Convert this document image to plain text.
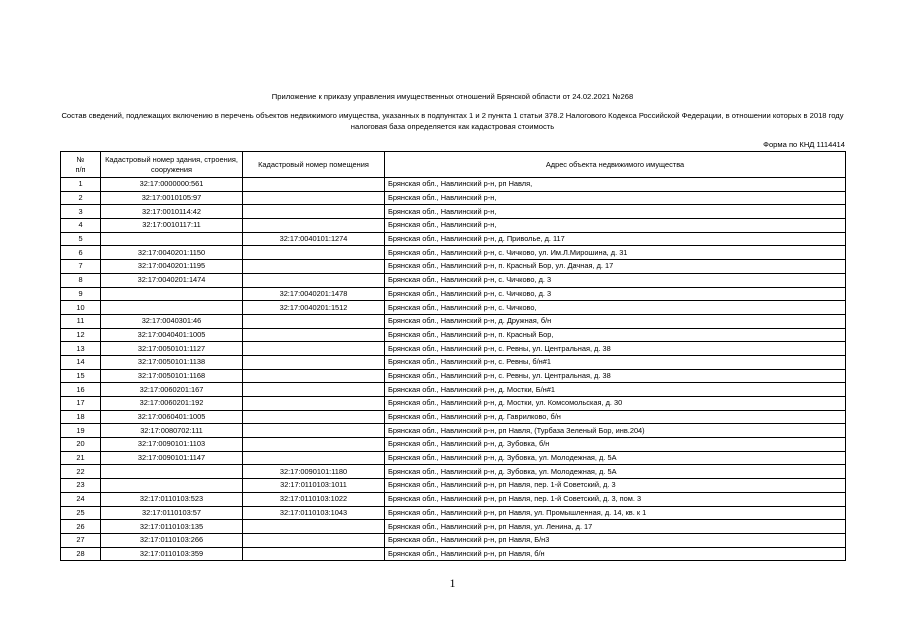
Приложение к приказу управления имущественных отношений Брянской области от 24.02.2021 №268
Состав сведений, подлежащих включению в перечень объектов недвижимого имущества, указанных в подпунктах 1 и 2 пункта 1 статьи 378.2 Налогового Кодекса Российской Федерации, в отношении которых в 2018 году налоговая база определяется как кадастровая стоимость
Форма по КНД 1114414
№
п/п	Кадастровый номер здания, строения, сооружения	Кадастровый номер помещения	Адрес объекта недвижимого имущества
1	32:17:0000000:561		Брянская обл., Навлинский р-н, рп Навля,
2	32:17:0010105:97		Брянская обл., Навлинский р-н,
3	32:17:0010114:42		Брянская обл., Навлинский р-н,
4	32:17:0010117:11		Брянская обл., Навлинский р-н,
5		32:17:0040101:1274	Брянская обл., Навлинский р-н, д. Приволье, д. 117
6	32:17:0040201:1150		Брянская обл., Навлинский р-н, с. Чичково, ул. Им.Л.Мирошина, д. 31
7	32:17:0040201:1195		Брянская обл., Навлинский р-н, п. Красный Бор, ул. Дачная, д. 17
8	32:17:0040201:1474		Брянская обл., Навлинский р-н, с. Чичково, д. 3
9		32:17:0040201:1478	Брянская обл., Навлинский р-н, с. Чичково, д. 3
10		32:17:0040201:1512	Брянская обл., Навлинский р-н, с. Чичково,
11	32:17:0040301:46		Брянская обл., Навлинский р-н, д. Дружная, б/н
12	32:17:0040401:1005		Брянская обл., Навлинский р-н, п. Красный Бор,
13	32:17:0050101:1127		Брянская обл., Навлинский р-н, с. Ревны, ул. Центральная, д. 38
14	32:17:0050101:1138		Брянская обл., Навлинский р-н, с. Ревны, б/н#1
15	32:17:0050101:1168		Брянская обл., Навлинский р-н, с. Ревны, ул. Центральная, д. 38
16	32:17:0060201:167		Брянская обл., Навлинский р-н, д. Мостки, Б/н#1
17	32:17:0060201:192		Брянская обл., Навлинский р-н, д. Мостки, ул. Комсомольская, д. 30
18	32:17:0060401:1005		Брянская обл., Навлинский р-н, д. Гаврилково, б/н
19	32:17:0080702:111		Брянская обл., Навлинский р-н, рп Навля, (Турбаза Зеленый Бор, инв.204)
20	32:17:0090101:1103		Брянская обл., Навлинский р-н, д. Зубовка, б/н
21	32:17:0090101:1147		Брянская обл., Навлинский р-н, д. Зубовка, ул. Молодежная, д. 5А
22		32:17:0090101:1180	Брянская обл., Навлинский р-н, д. Зубовка, ул. Молодежная, д. 5А
23		32:17:0110103:1011	Брянская обл., Навлинский р-н, рп Навля, пер. 1-й Советский, д. 3
24	32:17:0110103:523	32:17:0110103:1022	Брянская обл., Навлинский р-н, рп Навля, пер. 1-й Советский, д. 3, пом. 3
25	32:17:0110103:57	32:17:0110103:1043	Брянская обл., Навлинский р-н, рп Навля, ул. Промышленная, д. 14, кв. к 1
26	32:17:0110103:135		Брянская обл., Навлинский р-н, рп Навля, ул. Ленина, д. 17
27	32:17:0110103:266		Брянская обл., Навлинский р-н, рп Навля, Б/н3
28	32:17:0110103:359		Брянская обл., Навлинский р-н, рп Навля, б/н
1
